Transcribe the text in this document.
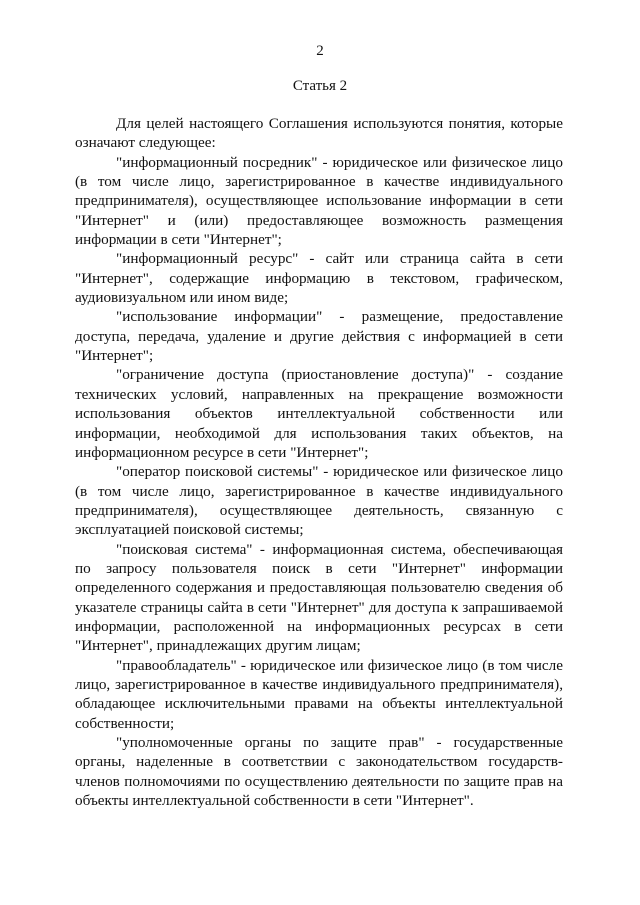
2
Статья 2

Для целей настоящего Соглашения используются понятия, которые означают следующее:

"информационный посредник" - юридическое или физическое лицо (в том числе лицо, зарегистрированное в качестве индивидуального предпринимателя), осуществляющее использование информации в сети "Интернет" и (или) предоставляющее возможность размещения информации в сети "Интернет";

"информационный ресурс" - сайт или страница сайта в сети "Интернет", содержащие информацию в текстовом, графическом, аудиовизуальном или ином виде;

"использование информации" - размещение, предоставление доступа, передача, удаление и другие действия с информацией в сети "Интернет";

"ограничение доступа (приостановление доступа)" - создание технических условий, направленных на прекращение возможности использования объектов интеллектуальной собственности или информации, необходимой для использования таких объектов, на информационном ресурсе в сети "Интернет";

"оператор поисковой системы" - юридическое или физическое лицо (в том числе лицо, зарегистрированное в качестве индивидуального предпринимателя), осуществляющее деятельность, связанную с эксплуатацией поисковой системы;

"поисковая система" - информационная система, обеспечивающая по запросу пользователя поиск в сети "Интернет" информации определенного содержания и предоставляющая пользователю сведения об указателе страницы сайта в сети "Интернет" для доступа к запрашиваемой информации, расположенной на информационных ресурсах в сети "Интернет", принадлежащих другим лицам;

"правообладатель" - юридическое или физическое лицо (в том числе лицо, зарегистрированное в качестве индивидуального предпринимателя), обладающее исключительными правами на объекты интеллектуальной собственности;

"уполномоченные органы по защите прав" - государственные органы, наделенные в соответствии с законодательством государств-членов полномочиями по осуществлению деятельности по защите прав на объекты интеллектуальной собственности в сети "Интернет".
